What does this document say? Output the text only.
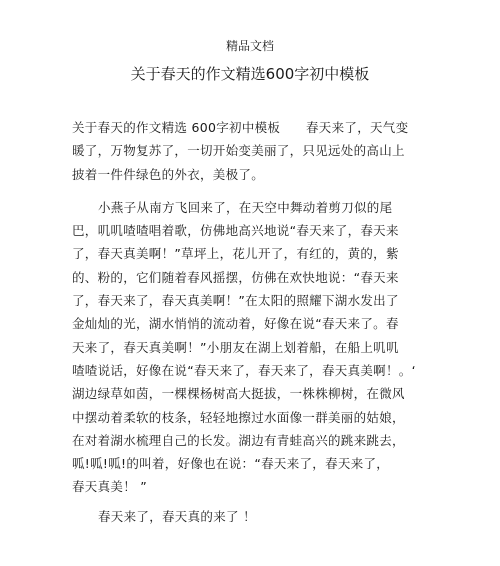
精品文档
关于春天的作文精选600字初中模板
关于春天的作文精选 600字初中模板 春天来了，天气变
暖了，万物复苏了，一切开始变美丽了，只见远处的高山上
披着一件件绿色的外衣，美极了。
小燕子从南方飞回来了，在天空中舞动着剪刀似的尾
巴，叽叽喳喳唱着歌，仿佛地高兴地说“春天来了，春天来
了，春天真美啊！”草坪上，花儿开了，有红的，黄的，紫
的、粉的，它们随着春风摇摆，仿佛在欢快地说：“春天来
了，春天来了，春天真美啊！”在太阳的照耀下湖水发出了
金灿灿的光，湖水悄悄的流动着，好像在说“春天来了。春
天来了，春天真美啊！”小朋友在湖上划着船，在船上叽叽
喳喳说话，好像在说“春天来了，春天来了，春天真美啊！。‘
湖边绿草如茵，一棵棵杨树高大挺拔，一株株柳树，在微风
中摆动着柔软的枝条，轻轻地擦过水面像一群美丽的姑娘，
在对着湖水梳理自己的长发。湖边有青蛙高兴的跳来跳去，
呱!呱!呱!的叫着，好像也在说：“春天来了，春天来了，
春天真美！ ”
春天来了，春天真的来了 ！
